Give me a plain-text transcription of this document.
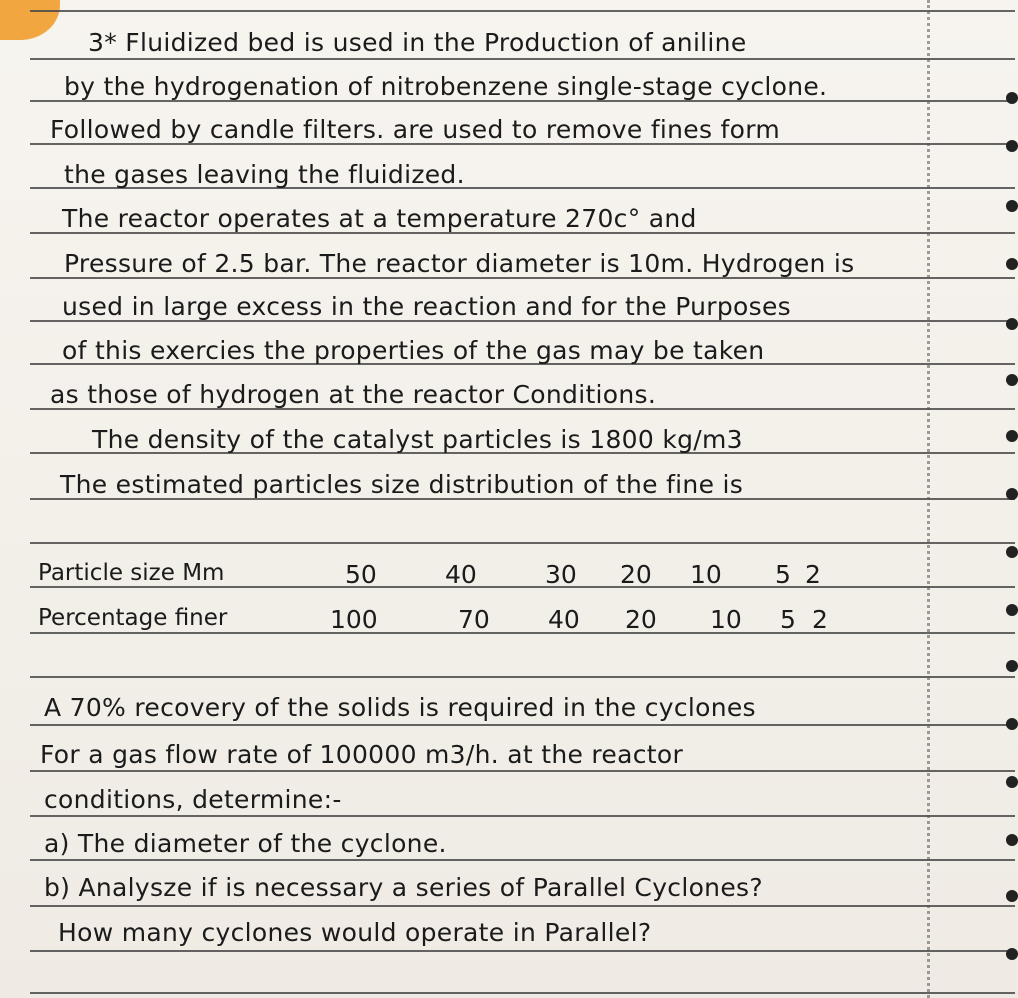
3* Fluidized bed is used in the Production of aniline
by the hydrogenation of nitrobenzene single-stage cyclone.
Followed by candle filters. are used to remove fines form
the gases leaving the fluidized.
The reactor operates at a temperature 270c° and
Pressure of 2.5 bar. The reactor diameter is 10m. Hydrogen is
used in large excess in the reaction and for the Purposes
of this exercies the properties of the gas may be taken
as those of hydrogen at the reactor Conditions.
The density of the catalyst particles is 1800 kg/m3
The estimated particles size distribution of the fine is
Particle size Mm	50	40	30 20 10 5 2
Percentage finer	100	70 40 20 10 5 2
A 70% recovery of the solids is required in the cyclones
For a gas flow rate of 100000 m3/h. at the reactor
conditions, determine:-
a) The diameter of the cyclone.
b) Analysze if is necessary a series of Parallel Cyclones?
How many cyclones would operate in Parallel?
